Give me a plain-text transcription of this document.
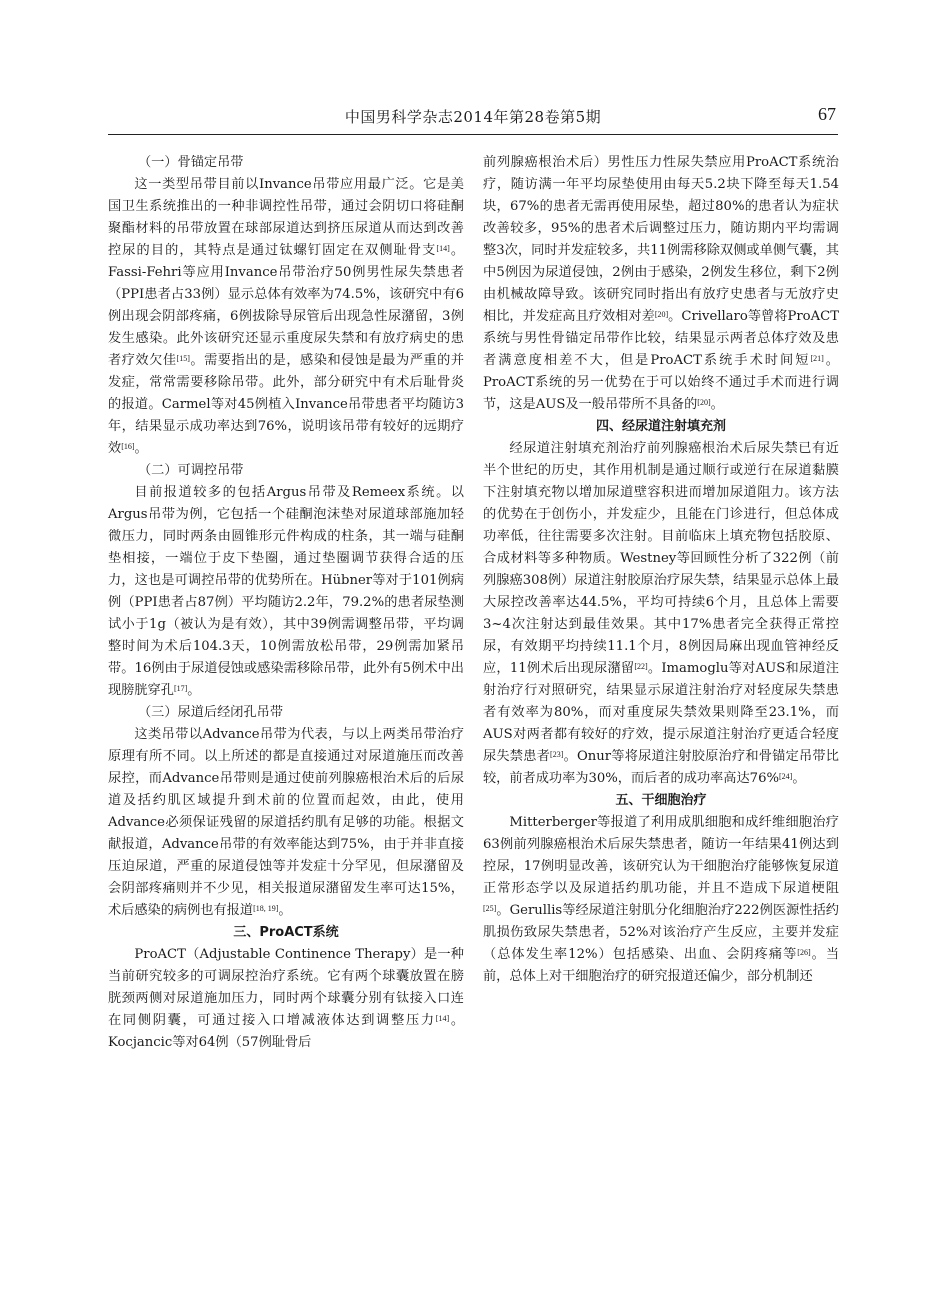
中国男科学杂志2014年第28卷第5期	67

（一）骨锚定吊带

这一类型吊带目前以Invance吊带应用最广泛。它是美国卫生系统推出的一种非调控性吊带，通过会阴切口将硅酮聚酯材料的吊带放置在球部尿道达到挤压尿道从而达到改善控尿的目的，其特点是通过钛螺钉固定在双侧耻骨支[14]。Fassi-Fehri等应用Invance吊带治疗50例男性尿失禁患者（PPI患者占33例）显示总体有效率为74.5%，该研究中有6例出现会阴部疼痛，6例拔除导尿管后出现急性尿潴留，3例发生感染。此外该研究还显示重度尿失禁和有放疗病史的患者疗效欠佳[15]。需要指出的是，感染和侵蚀是最为严重的并发症，常常需要移除吊带。此外，部分研究中有术后耻骨炎的报道。Carmel等对45例植入Invance吊带患者平均随访3年，结果显示成功率达到76%，说明该吊带有较好的远期疗效[16]。

（二）可调控吊带

目前报道较多的包括Argus吊带及Remeex系统。以Argus吊带为例，它包括一个硅酮泡沫垫对尿道球部施加轻微压力，同时两条由圆锥形元件构成的柱条，其一端与硅酮垫相接，一端位于皮下垫圈，通过垫圈调节获得合适的压力，这也是可调控吊带的优势所在。Hübner等对于101例病例（PPI患者占87例）平均随访2.2年，79.2%的患者尿垫测试小于1g（被认为是有效），其中39例需调整吊带，平均调整时间为术后104.3天，10例需放松吊带，29例需加紧吊带。16例由于尿道侵蚀或感染需移除吊带，此外有5例术中出现膀胱穿孔[17]。

（三）尿道后经闭孔吊带

这类吊带以Advance吊带为代表，与以上两类吊带治疗原理有所不同。以上所述的都是直接通过对尿道施压而改善尿控，而Advance吊带则是通过使前列腺癌根治术后的后尿道及括约肌区域提升到术前的位置而起效，由此，使用Advance必须保证残留的尿道括约肌有足够的功能。根据文献报道，Advance吊带的有效率能达到75%，由于并非直接压迫尿道，严重的尿道侵蚀等并发症十分罕见，但尿潴留及会阴部疼痛则并不少见，相关报道尿潴留发生率可达15%，术后感染的病例也有报道[18, 19]。

三、ProACT系统

ProACT（Adjustable Continence Therapy）是一种当前研究较多的可调尿控治疗系统。它有两个球囊放置在膀胱颈两侧对尿道施加压力，同时两个球囊分别有钛接入口连在同侧阴囊，可通过接入口增减液体达到调整压力[14]。Kocjancic等对64例（57例耻骨后

前列腺癌根治术后）男性压力性尿失禁应用ProACT系统治疗，随访满一年平均尿垫使用由每天5.2块下降至每天1.54块，67%的患者无需再使用尿垫，超过80%的患者认为症状改善较多，95%的患者术后调整过压力，随访期内平均需调整3次，同时并发症较多，共11例需移除双侧或单侧气囊，其中5例因为尿道侵蚀，2例由于感染，2例发生移位，剩下2例由机械故障导致。该研究同时指出有放疗史患者与无放疗史相比，并发症高且疗效相对差[20]。Crivellaro等曾将ProACT系统与男性骨锚定吊带作比较，结果显示两者总体疗效及患者满意度相差不大，但是ProACT系统手术时间短[21]。ProACT系统的另一优势在于可以始终不通过手术而进行调节，这是AUS及一般吊带所不具备的[20]。

四、经尿道注射填充剂

经尿道注射填充剂治疗前列腺癌根治术后尿失禁已有近半个世纪的历史，其作用机制是通过顺行或逆行在尿道黏膜下注射填充物以增加尿道壁容积进而增加尿道阻力。该方法的优势在于创伤小，并发症少，且能在门诊进行，但总体成功率低，往往需要多次注射。目前临床上填充物包括胶原、合成材料等多种物质。Westney等回顾性分析了322例（前列腺癌308例）尿道注射胶原治疗尿失禁，结果显示总体上最大尿控改善率达44.5%，平均可持续6个月，且总体上需要3~4次注射达到最佳效果。其中17%患者完全获得正常控尿，有效期平均持续11.1个月，8例因局麻出现血管神经反应，11例术后出现尿潴留[22]。Imamoglu等对AUS和尿道注射治疗行对照研究，结果显示尿道注射治疗对轻度尿失禁患者有效率为80%，而对重度尿失禁效果则降至23.1%，而AUS对两者都有较好的疗效，提示尿道注射治疗更适合轻度尿失禁患者[23]。Onur等将尿道注射胶原治疗和骨锚定吊带比较，前者成功率为30%，而后者的成功率高达76%[24]。

五、干细胞治疗

Mitterberger等报道了利用成肌细胞和成纤维细胞治疗63例前列腺癌根治术后尿失禁患者，随访一年结果41例达到控尿，17例明显改善，该研究认为干细胞治疗能够恢复尿道正常形态学以及尿道括约肌功能，并且不造成下尿道梗阻[25]。Gerullis等经尿道注射肌分化细胞治疗222例医源性括约肌损伤致尿失禁患者，52%对该治疗产生反应，主要并发症（总体发生率12%）包括感染、出血、会阴疼痛等[26]。当前，总体上对干细胞治疗的研究报道还偏少，部分机制还
